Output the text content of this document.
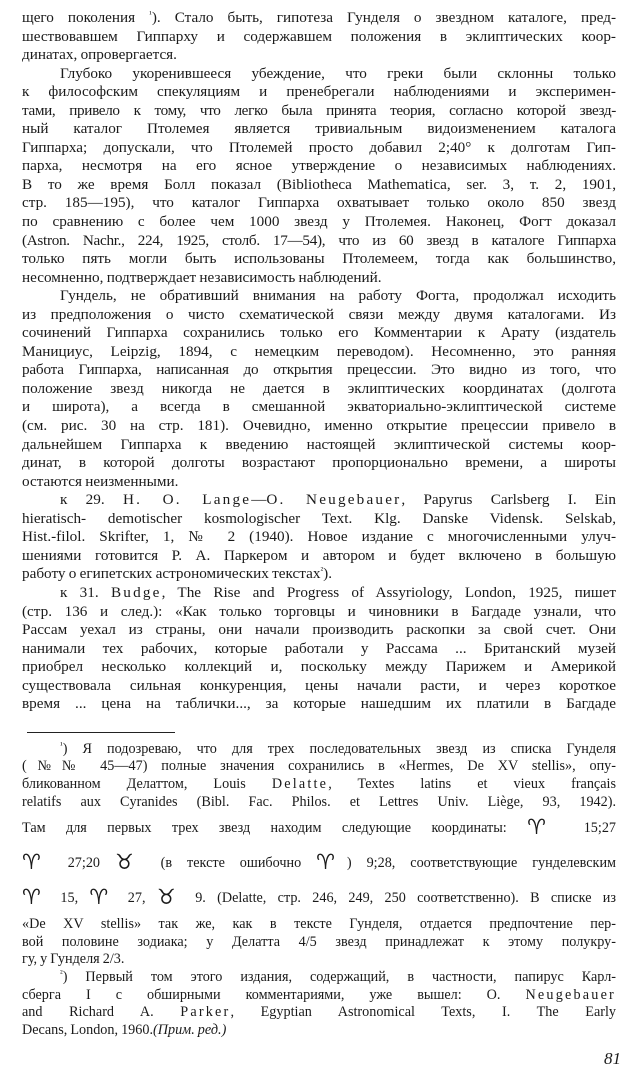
щего поколения $^{^1}$). Стало быть, гипотеза Гунделя о звездном каталоге, пред-
шествовавшем Гиппарху и содержавшем положения в эклиптических коор-
динатах, опровергается.
Глубоко укоренившееся убеждение, что греки были склонны только
к философским спекуляциям и пренебрегали наблюдениями и эксперимен-
тами, привело к тому, что легко была принята теория, согласно которой звезд-
ный каталог Птолемея является тривиальным видоизменением каталога
Гиппарха; допускали, что Птолемей просто добавил 2;40° к долготам Гип-
парха, несмотря на его ясное утверждение о независимых наблюдениях.
В то же время Болл показал (Bibliotheca Mathematica, ser. 3, т. 2, 1901,
стр. 185—195), что каталог Гиппарха охватывает только около 850 звезд
по сравнению с более чем 1000 звезд у Птолемея. Наконец, Фогт доказал
(Astron. Nachr., 224, 1925, столб. 17—54), что из 60 звезд в каталоге Гиппарха
только пять могли быть использованы Птолемеем, тогда как большинство,
несомненно, подтверждает независимость наблюдений.
Гундель, не обративший внимания на работу Фогта, продолжал исходить
из предположения о чисто схематической связи между двумя каталогами. Из
сочинений Гиппарха сохранились только его Комментарии к Арату (издатель
Манициус, Leipzig, 1894, с немецким переводом). Несомненно, это ранняя
работа Гиппарха, написанная до открытия прецессии. Это видно из того, что
положение звезд никогда не дается в эклиптических координатах (долгота
и широта), а всегда в смешанной экваториально-эклиптической системе
(см. рис. 30 на стр. 181). Очевидно, именно открытие прецессии привело в
дальнейшем Гиппарха к введению настоящей эклиптической системы коор-
динат, в которой долготы возрастают пропорционально времени, а широты
остаются неизменными.
к 29. H. O. Lange—O. Neugebauer, Papyrus Carlsberg I. Ein
hieratisch- demotischer kosmologischer Text. Klg. Danske Vidensk. Selskab,
Hist.-filol. Skrifter, 1, № 2 (1940). Новое издание с многочисленными улуч-
шениями готовится Р. А. Паркером и автором и будет включено в большую
работу о египетских астрономических текстах$^{^2}$).
к 31. Budge, The Rise and Progress of Assyriology, London, 1925, пишет
(стр. 136 и след.): «Как только торговцы и чиновники в Багдаде узнали, что
Рассам уехал из страны, они начали производить раскопки за свой счет. Они
нанимали тех рабочих, которые работали у Рассама ... Британский музей
приобрел несколько коллекций и, поскольку между Парижем и Америкой
существовала сильная конкуренция, цены начали расти, и через короткое
время ... цена на таблички..., за которые нашедшим их платили в Багдаде
$^{^1}$) Я подозреваю, что для трех последовательных звезд из списка Гунделя
(№№ 45—47) полные значения сохранились в «Hermes, De XV stellis», опу-
бликованном Делаттом, Louis Delatte, Textes latins et vieux français
relatifs aux Cyranides (Bibl. Fac. Philos. et Lettres Univ. Liège, 93, 1942).
Там для первых трех звезд находим следующие координаты: ♈ 15;27
♈ 27;20 ♉ (в тексте ошибочно ♈) 9;28, соответствующие гунделевским
♈ 15, ♈ 27, ♉ 9. (Delatte, стр. 246, 249, 250 соответственно). В списке из
«De XV stellis» так же, как в тексте Гунделя, отдается предпочтение пер-
вой половине зодиака; у Делатта 4/5 звезд принадлежат к этому полукру-
гу, у Гунделя 2/3.
$^{^2}$) Первый том этого издания, содержащий, в частности, папирус Карл-
сберга I с обширными комментариями, уже вышел: O. Neugebauer
and Richard A. Parker, Egyptian Astronomical Texts, I. The Early
Decans, London, 1960.(Прим. ред.)
81
